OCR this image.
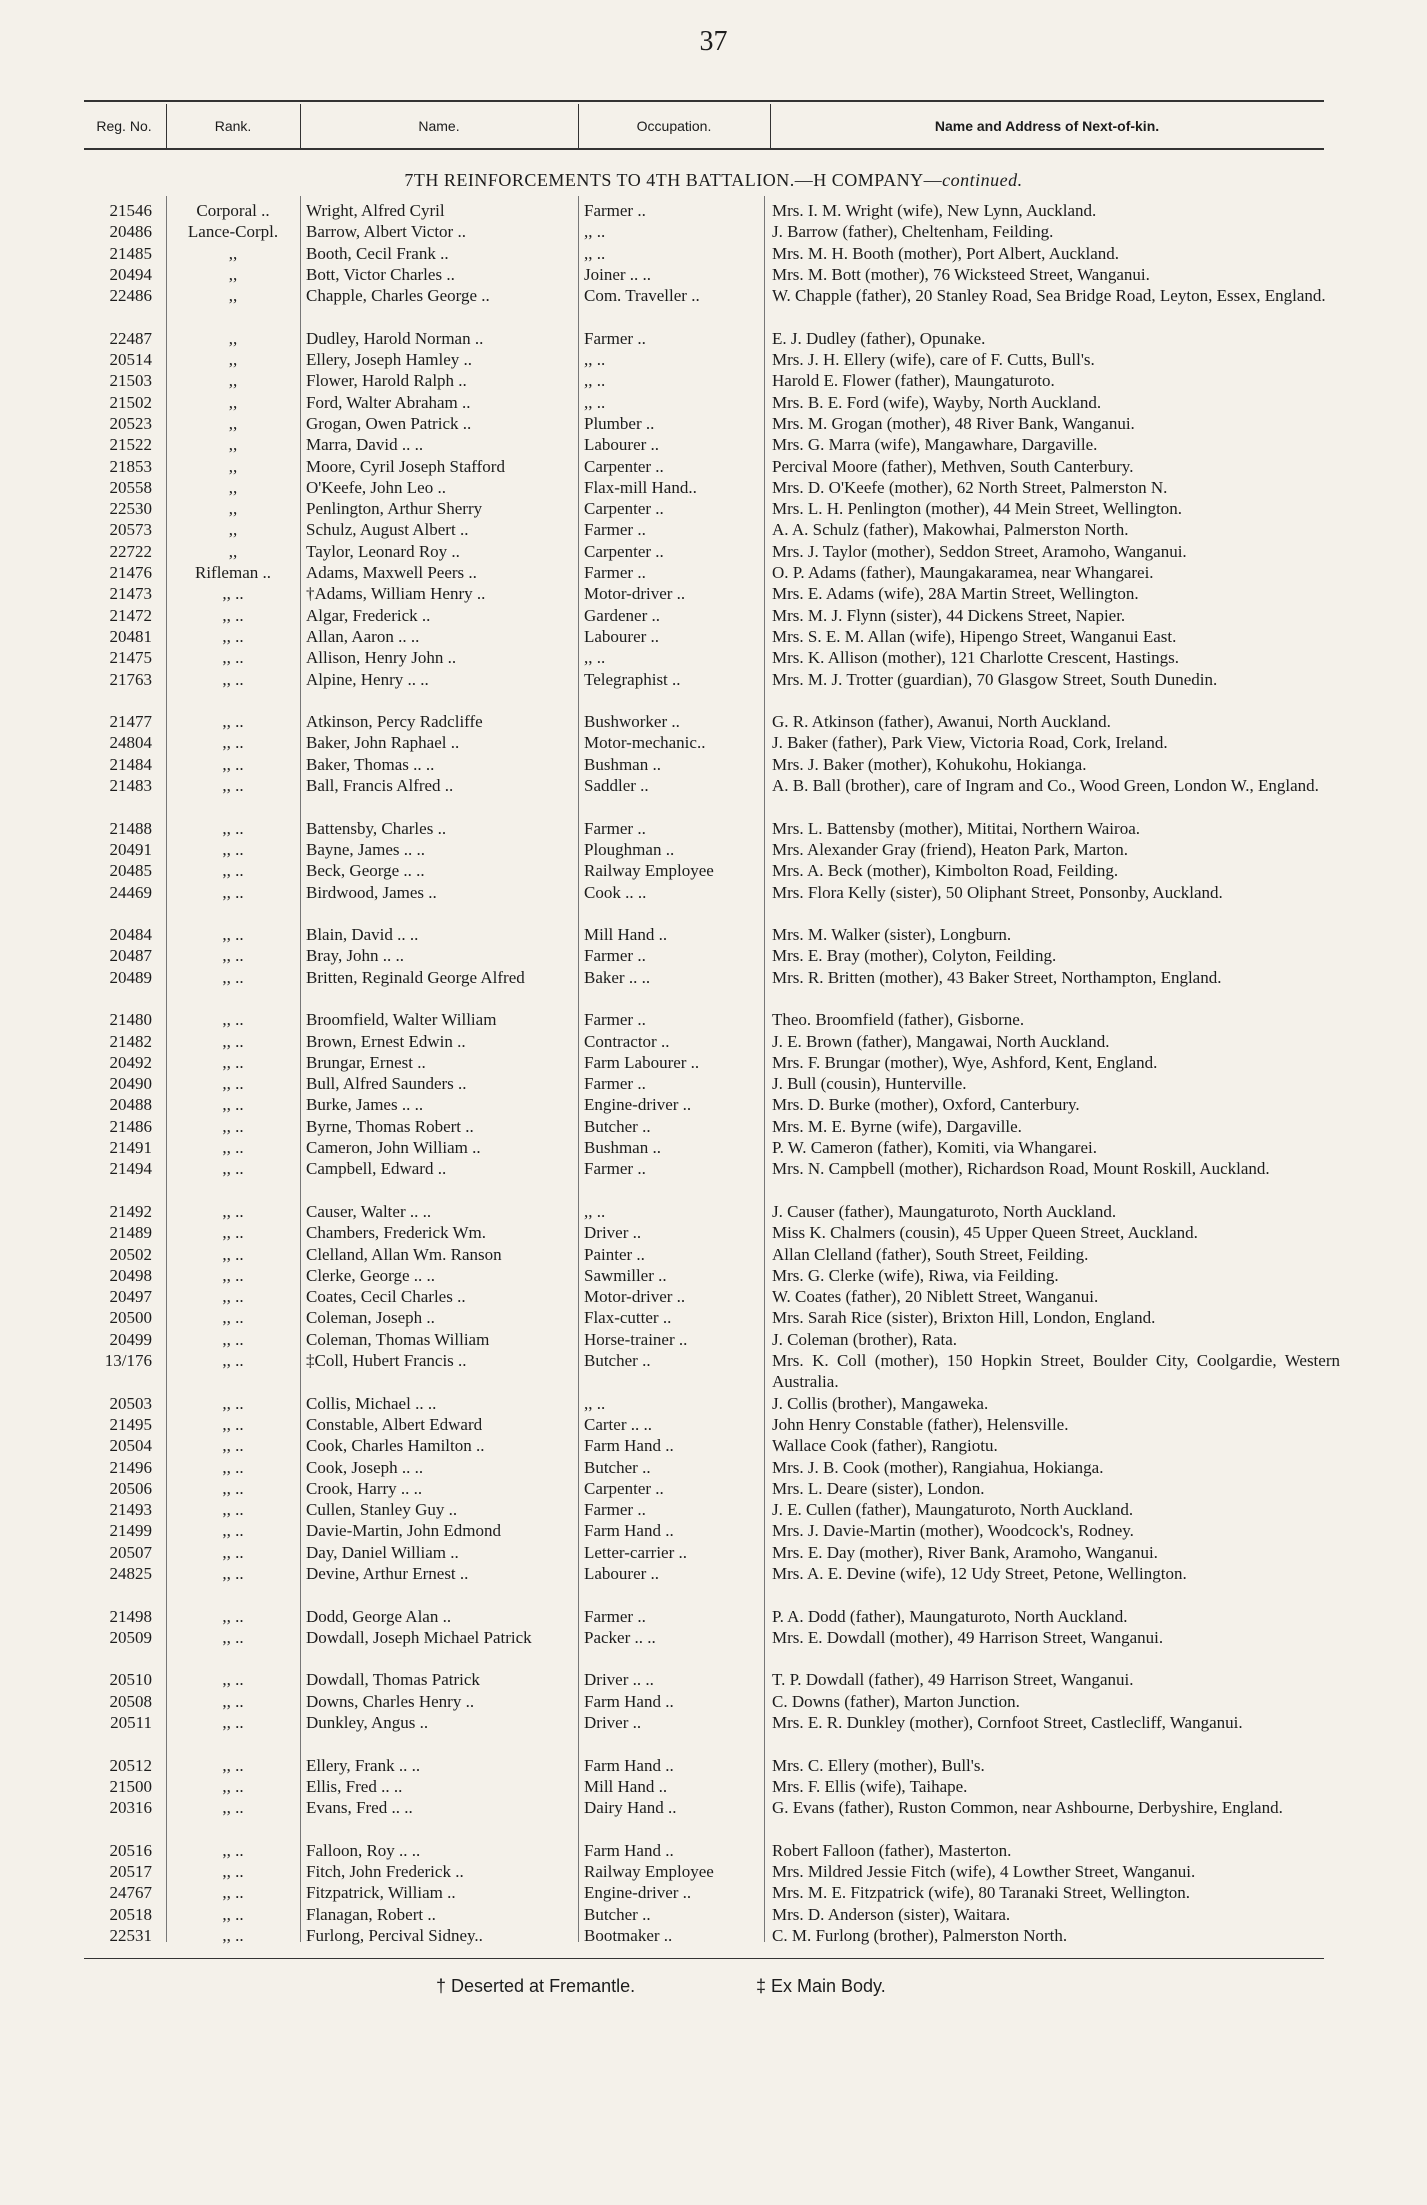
37
Reg. No.	Rank.	Name.	Occupation.	Name and Address of Next-of-kin.
7TH REINFORCEMENTS TO 4TH BATTALION.—H COMPANY—continued.
21546	Corporal ..	Wright, Alfred Cyril	Farmer ..	Mrs. I. M. Wright (wife), New Lynn, Auckland.
20486	Lance-Corpl.	Barrow, Albert Victor ..	,, ..	J. Barrow (father), Cheltenham, Feilding.
21485	,,	Booth, Cecil Frank ..	,, ..	Mrs. M. H. Booth (mother), Port Albert, Auckland.
20494	,,	Bott, Victor Charles ..	Joiner .. ..	Mrs. M. Bott (mother), 76 Wicksteed Street, Wanganui.
22486	,,	Chapple, Charles George ..	Com. Traveller ..	W. Chapple (father), 20 Stanley Road, Sea Bridge Road, Leyton, Essex, England.
22487	,,	Dudley, Harold Norman ..	Farmer ..	E. J. Dudley (father), Opunake.
20514	,,	Ellery, Joseph Hamley ..	,, ..	Mrs. J. H. Ellery (wife), care of F. Cutts, Bull's.
21503	,,	Flower, Harold Ralph ..	,, ..	Harold E. Flower (father), Maungaturoto.
21502	,,	Ford, Walter Abraham ..	,, ..	Mrs. B. E. Ford (wife), Wayby, North Auckland.
20523	,,	Grogan, Owen Patrick ..	Plumber ..	Mrs. M. Grogan (mother), 48 River Bank, Wanganui.
21522	,,	Marra, David .. ..	Labourer ..	Mrs. G. Marra (wife), Mangawhare, Dargaville.
21853	,,	Moore, Cyril Joseph Stafford	Carpenter ..	Percival Moore (father), Methven, South Canterbury.
20558	,,	O'Keefe, John Leo ..	Flax-mill Hand..	Mrs. D. O'Keefe (mother), 62 North Street, Palmerston N.
22530	,,	Penlington, Arthur Sherry	Carpenter ..	Mrs. L. H. Penlington (mother), 44 Mein Street, Wellington.
20573	,,	Schulz, August Albert ..	Farmer ..	A. A. Schulz (father), Makowhai, Palmerston North.
22722	,,	Taylor, Leonard Roy ..	Carpenter ..	Mrs. J. Taylor (mother), Seddon Street, Aramoho, Wanganui.
21476	Rifleman ..	Adams, Maxwell Peers ..	Farmer ..	O. P. Adams (father), Maungakaramea, near Whangarei.
21473	,, ..	†Adams, William Henry ..	Motor-driver ..	Mrs. E. Adams (wife), 28A Martin Street, Wellington.
21472	,, ..	Algar, Frederick ..	Gardener ..	Mrs. M. J. Flynn (sister), 44 Dickens Street, Napier.
20481	,, ..	Allan, Aaron .. ..	Labourer ..	Mrs. S. E. M. Allan (wife), Hipengo Street, Wanganui East.
21475	,, ..	Allison, Henry John ..	,, ..	Mrs. K. Allison (mother), 121 Charlotte Crescent, Hastings.
21763	,, ..	Alpine, Henry .. ..	Telegraphist ..	Mrs. M. J. Trotter (guardian), 70 Glasgow Street, South Dunedin.
21477	,, ..	Atkinson, Percy Radcliffe	Bushworker ..	G. R. Atkinson (father), Awanui, North Auckland.
24804	,, ..	Baker, John Raphael ..	Motor-mechanic..	J. Baker (father), Park View, Victoria Road, Cork, Ireland.
21484	,, ..	Baker, Thomas .. ..	Bushman ..	Mrs. J. Baker (mother), Kohukohu, Hokianga.
21483	,, ..	Ball, Francis Alfred ..	Saddler ..	A. B. Ball (brother), care of Ingram and Co., Wood Green, London W., England.
21488	,, ..	Battensby, Charles ..	Farmer ..	Mrs. L. Battensby (mother), Mititai, Northern Wairoa.
20491	,, ..	Bayne, James .. ..	Ploughman ..	Mrs. Alexander Gray (friend), Heaton Park, Marton.
20485	,, ..	Beck, George .. ..	Railway Employee	Mrs. A. Beck (mother), Kimbolton Road, Feilding.
24469	,, ..	Birdwood, James ..	Cook .. ..	Mrs. Flora Kelly (sister), 50 Oliphant Street, Ponsonby, Auckland.
20484	,, ..	Blain, David .. ..	Mill Hand ..	Mrs. M. Walker (sister), Longburn.
20487	,, ..	Bray, John .. ..	Farmer ..	Mrs. E. Bray (mother), Colyton, Feilding.
20489	,, ..	Britten, Reginald George Alfred	Baker .. ..	Mrs. R. Britten (mother), 43 Baker Street, Northampton, England.
21480	,, ..	Broomfield, Walter William	Farmer ..	Theo. Broomfield (father), Gisborne.
21482	,, ..	Brown, Ernest Edwin ..	Contractor ..	J. E. Brown (father), Mangawai, North Auckland.
20492	,, ..	Brungar, Ernest ..	Farm Labourer ..	Mrs. F. Brungar (mother), Wye, Ashford, Kent, England.
20490	,, ..	Bull, Alfred Saunders ..	Farmer ..	J. Bull (cousin), Hunterville.
20488	,, ..	Burke, James .. ..	Engine-driver ..	Mrs. D. Burke (mother), Oxford, Canterbury.
21486	,, ..	Byrne, Thomas Robert ..	Butcher ..	Mrs. M. E. Byrne (wife), Dargaville.
21491	,, ..	Cameron, John William ..	Bushman ..	P. W. Cameron (father), Komiti, via Whangarei.
21494	,, ..	Campbell, Edward ..	Farmer ..	Mrs. N. Campbell (mother), Richardson Road, Mount Roskill, Auckland.
21492	,, ..	Causer, Walter .. ..	,, ..	J. Causer (father), Maungaturoto, North Auckland.
21489	,, ..	Chambers, Frederick Wm.	Driver ..	Miss K. Chalmers (cousin), 45 Upper Queen Street, Auckland.
20502	,, ..	Clelland, Allan Wm. Ranson	Painter ..	Allan Clelland (father), South Street, Feilding.
20498	,, ..	Clerke, George .. ..	Sawmiller ..	Mrs. G. Clerke (wife), Riwa, via Feilding.
20497	,, ..	Coates, Cecil Charles ..	Motor-driver ..	W. Coates (father), 20 Niblett Street, Wanganui.
20500	,, ..	Coleman, Joseph ..	Flax-cutter ..	Mrs. Sarah Rice (sister), Brixton Hill, London, England.
20499	,, ..	Coleman, Thomas William	Horse-trainer ..	J. Coleman (brother), Rata.
13/176	,, ..	‡Coll, Hubert Francis ..	Butcher ..	Mrs. K. Coll (mother), 150 Hopkin Street, Boulder City, Coolgardie, Western Australia.
20503	,, ..	Collis, Michael .. ..	,, ..	J. Collis (brother), Mangaweka.
21495	,, ..	Constable, Albert Edward	Carter .. ..	John Henry Constable (father), Helensville.
20504	,, ..	Cook, Charles Hamilton ..	Farm Hand ..	Wallace Cook (father), Rangiotu.
21496	,, ..	Cook, Joseph .. ..	Butcher ..	Mrs. J. B. Cook (mother), Rangiahua, Hokianga.
20506	,, ..	Crook, Harry .. ..	Carpenter ..	Mrs. L. Deare (sister), London.
21493	,, ..	Cullen, Stanley Guy ..	Farmer ..	J. E. Cullen (father), Maungaturoto, North Auckland.
21499	,, ..	Davie-Martin, John Edmond	Farm Hand ..	Mrs. J. Davie-Martin (mother), Woodcock's, Rodney.
20507	,, ..	Day, Daniel William ..	Letter-carrier ..	Mrs. E. Day (mother), River Bank, Aramoho, Wanganui.
24825	,, ..	Devine, Arthur Ernest ..	Labourer ..	Mrs. A. E. Devine (wife), 12 Udy Street, Petone, Wellington.
21498	,, ..	Dodd, George Alan ..	Farmer ..	P. A. Dodd (father), Maungaturoto, North Auckland.
20509	,, ..	Dowdall, Joseph Michael Patrick	Packer .. ..	Mrs. E. Dowdall (mother), 49 Harrison Street, Wanganui.
20510	,, ..	Dowdall, Thomas Patrick	Driver .. ..	T. P. Dowdall (father), 49 Harrison Street, Wanganui.
20508	,, ..	Downs, Charles Henry ..	Farm Hand ..	C. Downs (father), Marton Junction.
20511	,, ..	Dunkley, Angus ..	Driver ..	Mrs. E. R. Dunkley (mother), Cornfoot Street, Castlecliff, Wanganui.
20512	,, ..	Ellery, Frank .. ..	Farm Hand ..	Mrs. C. Ellery (mother), Bull's.
21500	,, ..	Ellis, Fred .. ..	Mill Hand ..	Mrs. F. Ellis (wife), Taihape.
20316	,, ..	Evans, Fred .. ..	Dairy Hand ..	G. Evans (father), Ruston Common, near Ashbourne, Derbyshire, England.
20516	,, ..	Falloon, Roy .. ..	Farm Hand ..	Robert Falloon (father), Masterton.
20517	,, ..	Fitch, John Frederick ..	Railway Employee	Mrs. Mildred Jessie Fitch (wife), 4 Lowther Street, Wanganui.
24767	,, ..	Fitzpatrick, William ..	Engine-driver ..	Mrs. M. E. Fitzpatrick (wife), 80 Taranaki Street, Wellington.
20518	,, ..	Flanagan, Robert ..	Butcher ..	Mrs. D. Anderson (sister), Waitara.
22531	,, ..	Furlong, Percival Sidney..	Bootmaker ..	C. M. Furlong (brother), Palmerston North.
† Deserted at Fremantle.	‡ Ex Main Body.
